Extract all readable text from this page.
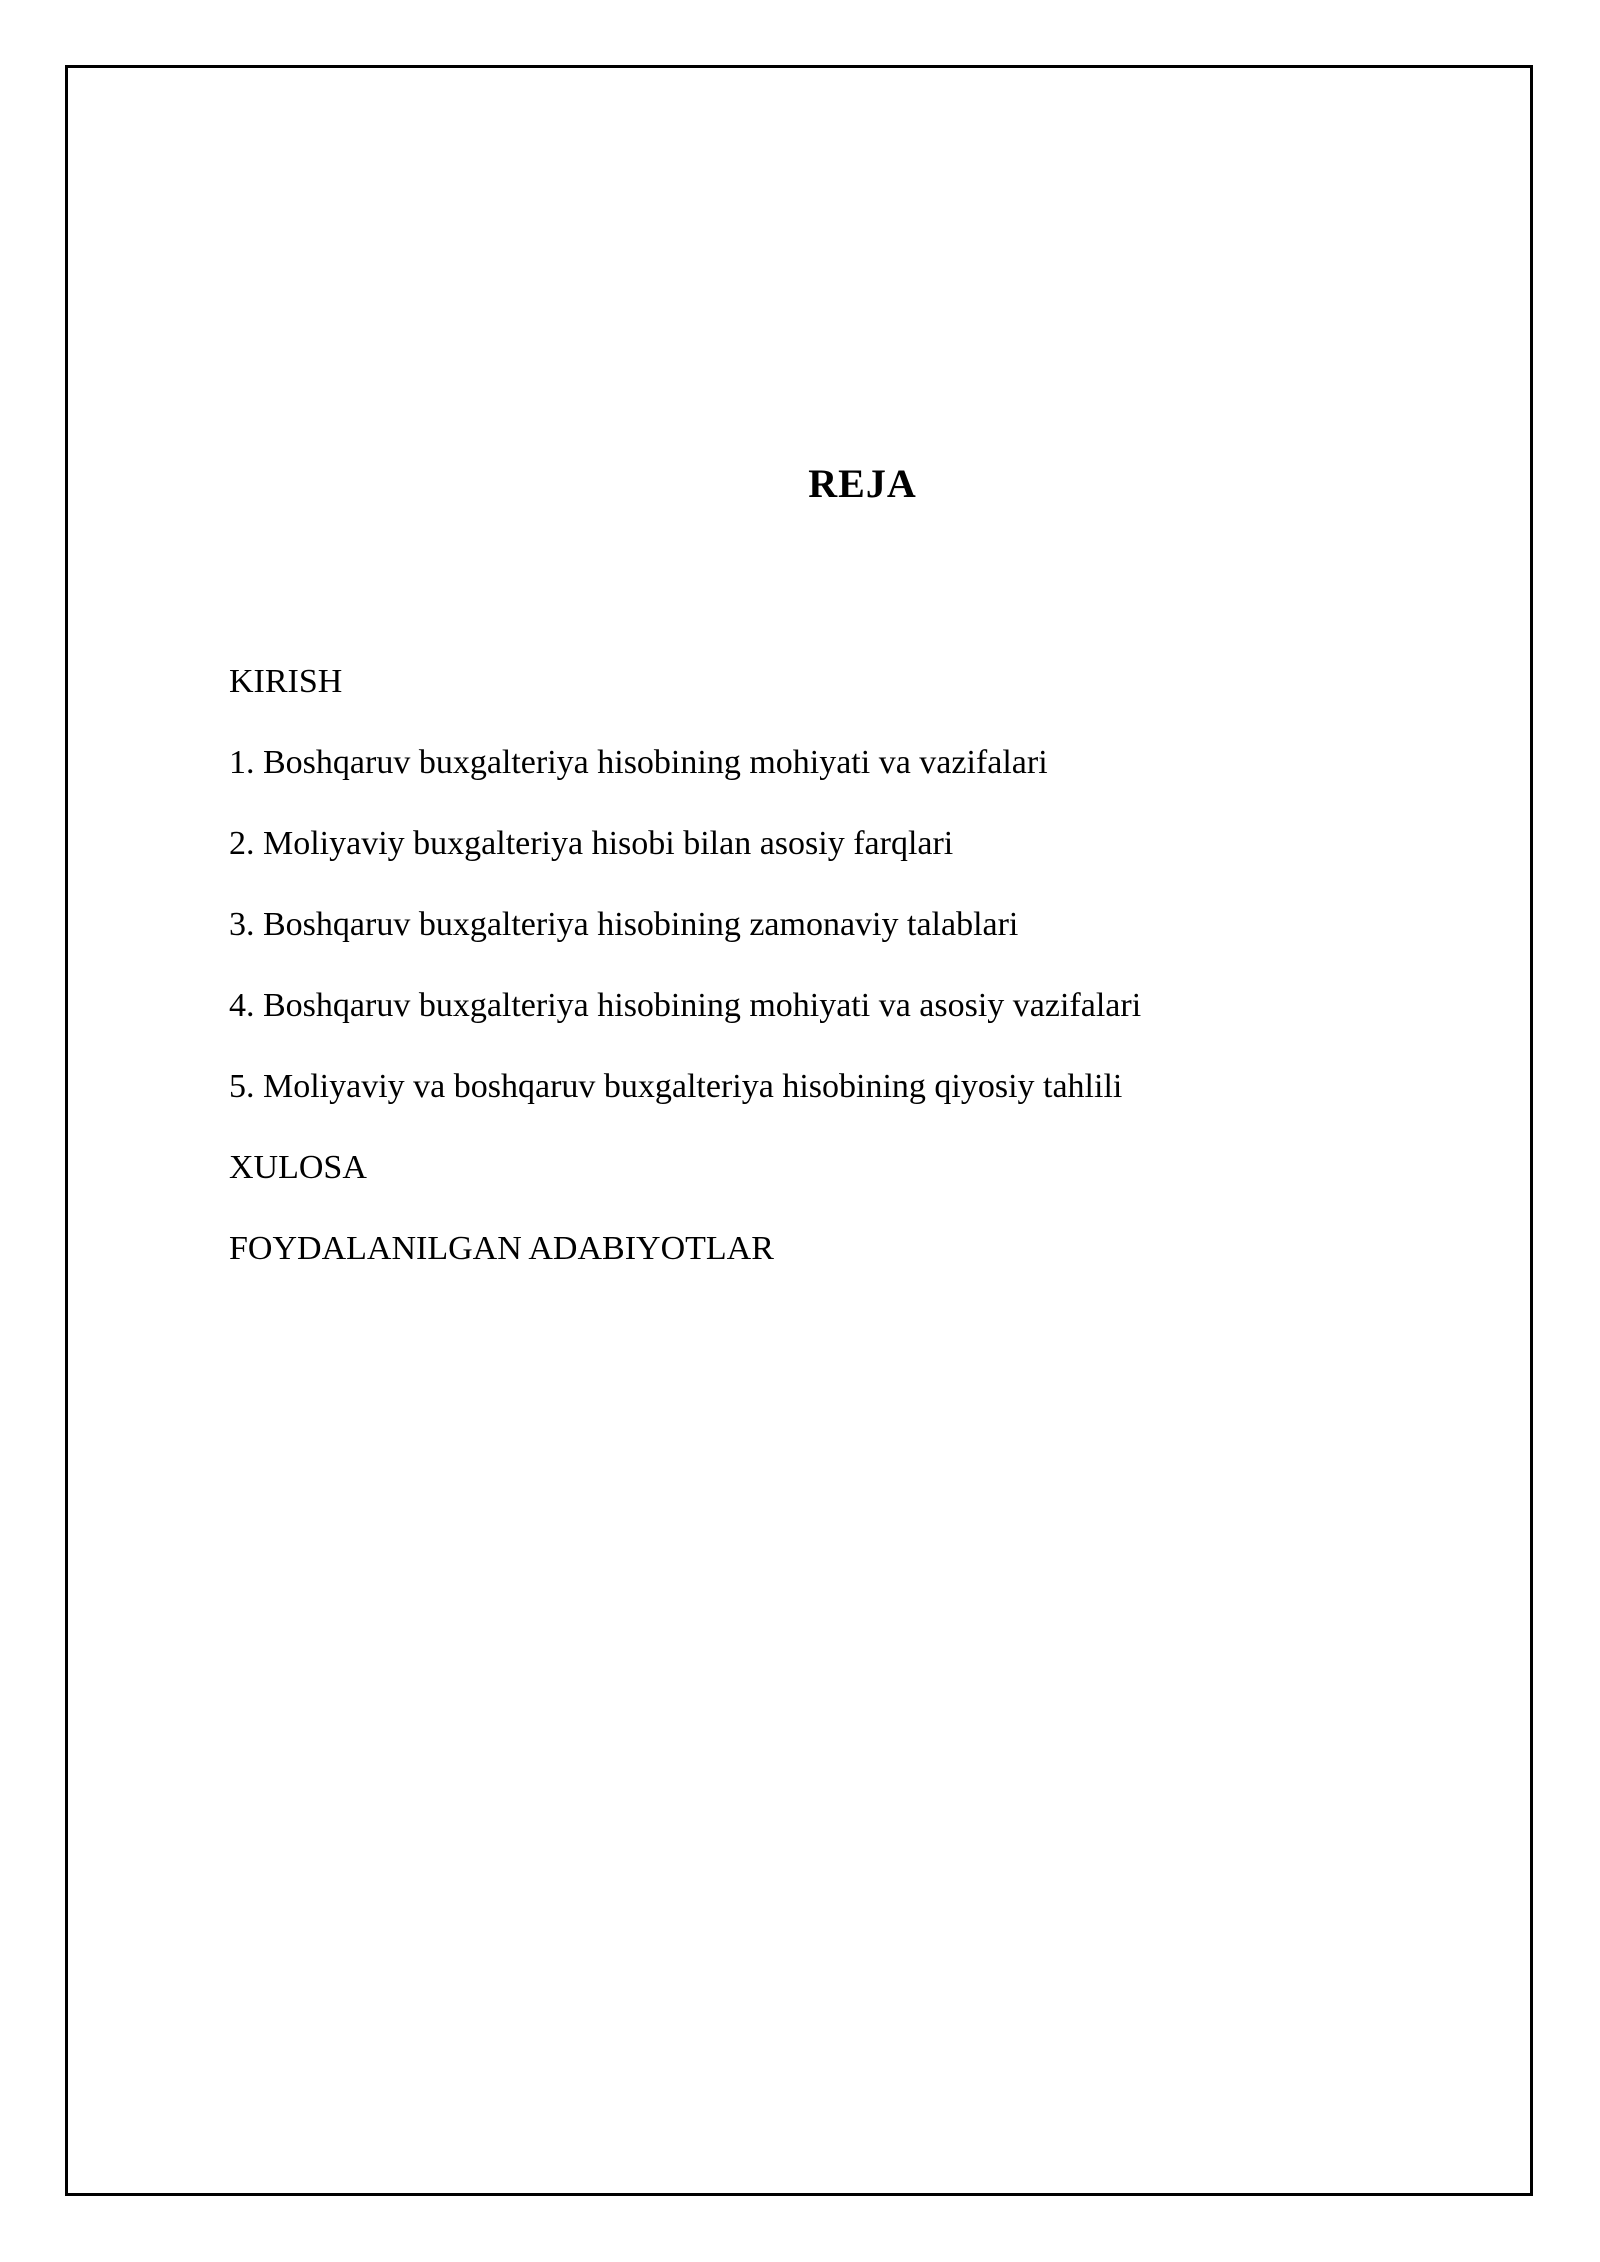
REJA
KIRISH
1. Boshqaruv buxgalteriya hisobining mohiyati va vazifalari
2. Moliyaviy buxgalteriya hisobi bilan asosiy farqlari
3. Boshqaruv buxgalteriya hisobining zamonaviy talablari
4. Boshqaruv buxgalteriya hisobining mohiyati va asosiy vazifalari
5. Moliyaviy va boshqaruv buxgalteriya hisobining qiyosiy tahlili
XULOSA
FOYDALANILGAN ADABIYOTLAR
